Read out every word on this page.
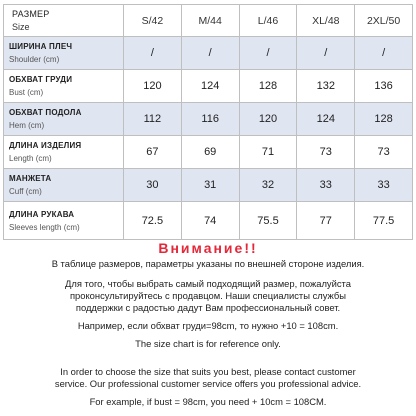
РАЗМЕР
Size	S/42	M/44	L/46	XL/48	2XL/50

ШИРИНА ПЛЕЧ
Shoulder (cm)	/	/	/	/	/

ОБХВАТ ГРУДИ
Bust (cm)	120	124	128	132	136

ОБХВАТ ПОДОЛА
Hem (cm)	112	116	120	124	128

ДЛИНА ИЗДЕЛИЯ
Length (cm)	67	69	71	73	73

МАНЖЕТА
Cuff (cm)	30	31	32	33	33

ДЛИНА РУКАВА
Sleeves length (cm)	72.5	74	75.5	77	77.5
Внимание!!

В таблице размеров, параметры указаны по внешней стороне изделия.

Для того, чтобы выбрать самый подходящий размер, пожалуйста

проконсультируйтесь с продавцом. Наши специалисты службы

поддержки с радостью дадут Вам профессиональный совет.

Например, если обхват груди=98cm, то нужно +10 = 108cm.

The size chart is for reference only.

In order to choose the size that suits you best, please contact customer

service. Our professional customer service offers you professional advice.

For example, if bust = 98cm, you need + 10cm = 108CM.
